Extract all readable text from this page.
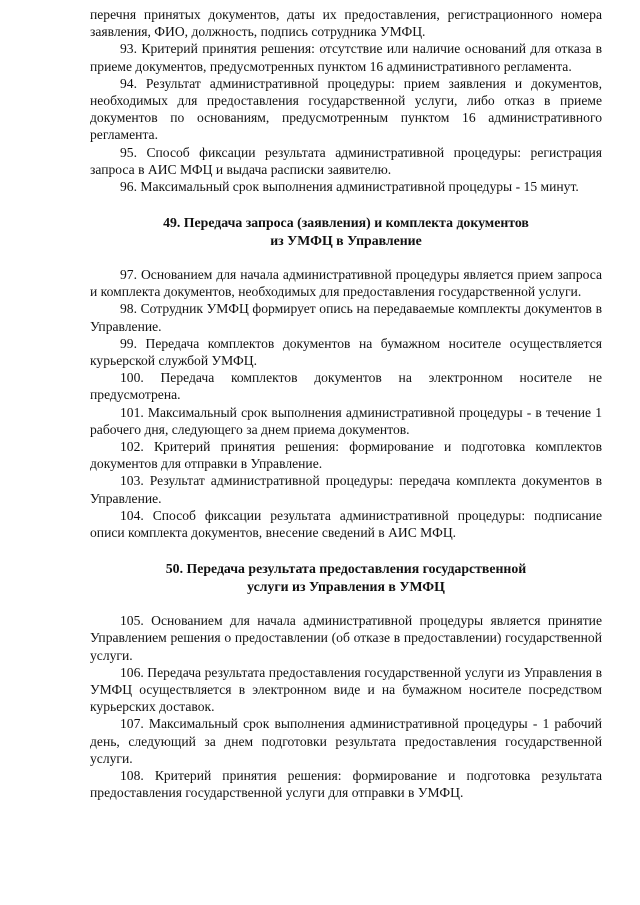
перечня принятых документов, даты их предоставления, регистрационного номера заявления, ФИО, должность, подпись сотрудника УМФЦ.

93. Критерий принятия решения: отсутствие или наличие оснований для отказа в приеме документов, предусмотренных пунктом 16 административного регламента.

94. Результат административной процедуры: прием заявления и документов, необходимых для предоставления государственной услуги, либо отказ в приеме документов по основаниям, предусмотренным пунктом 16 административного регламента.

95. Способ фиксации результата административной процедуры: регистрация запроса в АИС МФЦ и выдача расписки заявителю.

96. Максимальный срок выполнения административной процедуры - 15 минут.

49. Передача запроса (заявления) и комплекта документов

из УМФЦ в Управление

97. Основанием для начала административной процедуры является прием запроса и комплекта документов, необходимых для предоставления государственной услуги.

98. Сотрудник УМФЦ формирует опись на передаваемые комплекты документов в Управление.

99. Передача комплектов документов на бумажном носителе осуществляется курьерской службой УМФЦ.

100. Передача комплектов документов на электронном носителе не предусмотрена.

101. Максимальный срок выполнения административной процедуры - в течение 1 рабочего дня, следующего за днем приема документов.

102. Критерий принятия решения: формирование и подготовка комплектов документов для отправки в Управление.

103. Результат административной процедуры: передача комплекта документов в Управление.

104. Способ фиксации результата административной процедуры: подписание описи комплекта документов, внесение сведений в АИС МФЦ.

50. Передача результата предоставления государственной

услуги из Управления в УМФЦ

105. Основанием для начала административной процедуры является принятие Управлением решения о предоставлении (об отказе в предоставлении) государственной услуги.

106. Передача результата предоставления государственной услуги из Управления в УМФЦ осуществляется в электронном виде и на бумажном носителе посредством курьерских доставок.

107. Максимальный срок выполнения административной процедуры - 1 рабочий день, следующий за днем подготовки результата предоставления государственной услуги.

108. Критерий принятия решения: формирование и подготовка результата предоставления государственной услуги для отправки в УМФЦ.
